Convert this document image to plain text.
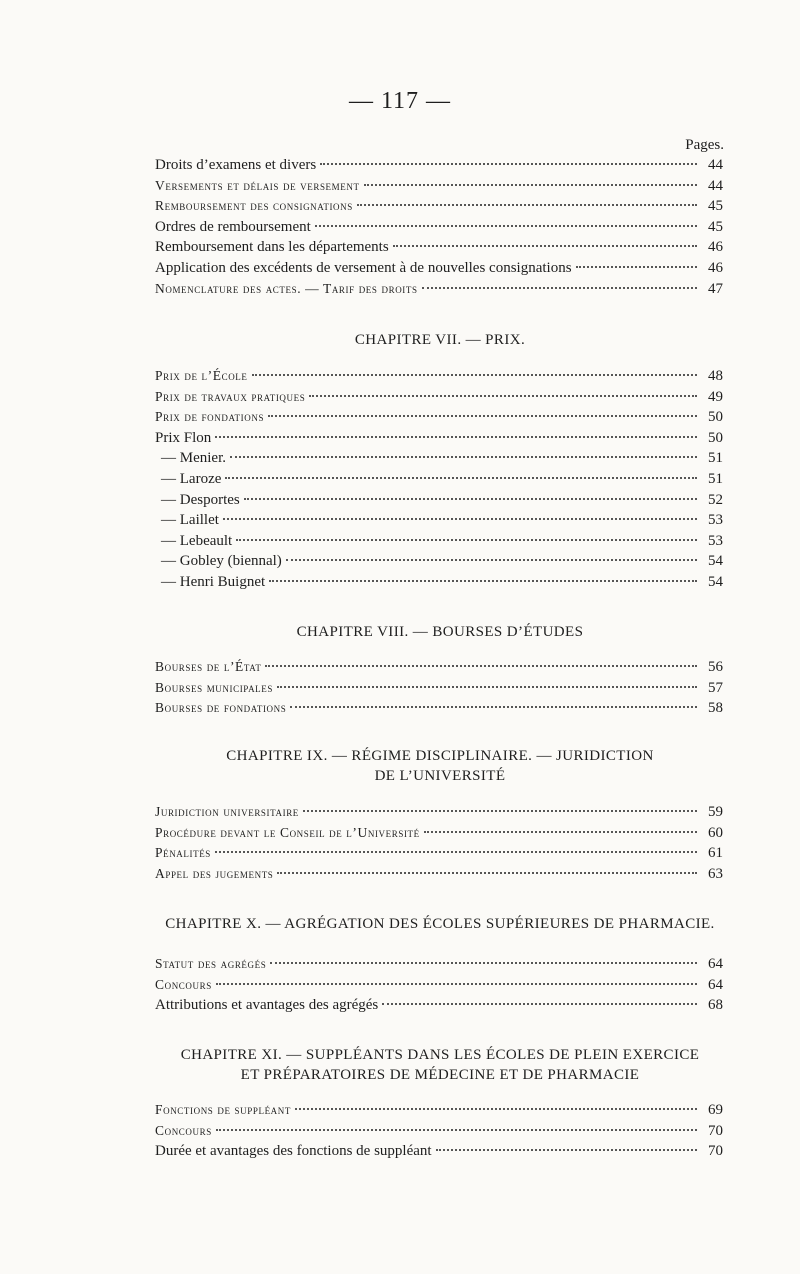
— 117 —
Pages.
Droits d’examens et divers	44
Versements et délais de versement	44
Remboursement des consignations	45
Ordres de remboursement	45
Remboursement dans les départements	46
Application des excédents de versement à de nouvelles consignations	46
Nomenclature des actes. — Tarif des droits	47
CHAPITRE VII. — PRIX.
Prix de l’École	48
Prix de travaux pratiques	49
Prix de fondations	50
Prix Flon	50
— Menier.	51
— Laroze	51
— Desportes	52
— Laillet	53
— Lebeault	53
— Gobley (biennal)	54
— Henri Buignet	54
CHAPITRE VIII. — BOURSES D’ÉTUDES
Bourses de l’État	56
Bourses municipales	57
Bourses de fondations	58
CHAPITRE IX. — RÉGIME DISCIPLINAIRE. — JURIDICTION
DE L’UNIVERSITÉ
Juridiction universitaire	59
Procédure devant le Conseil de l’Université	60
Pénalités	61
Appel des jugements	63
CHAPITRE X. — AGRÉGATION DES ÉCOLES SUPÉRIEURES DE PHARMACIE.
Statut des agrégés	64
Concours	64
Attributions et avantages des agrégés	68
CHAPITRE XI. — SUPPLÉANTS DANS LES ÉCOLES DE PLEIN EXERCICE
ET PRÉPARATOIRES DE MÉDECINE ET DE PHARMACIE
Fonctions de suppléant	69
Concours	70
Durée et avantages des fonctions de suppléant	70
